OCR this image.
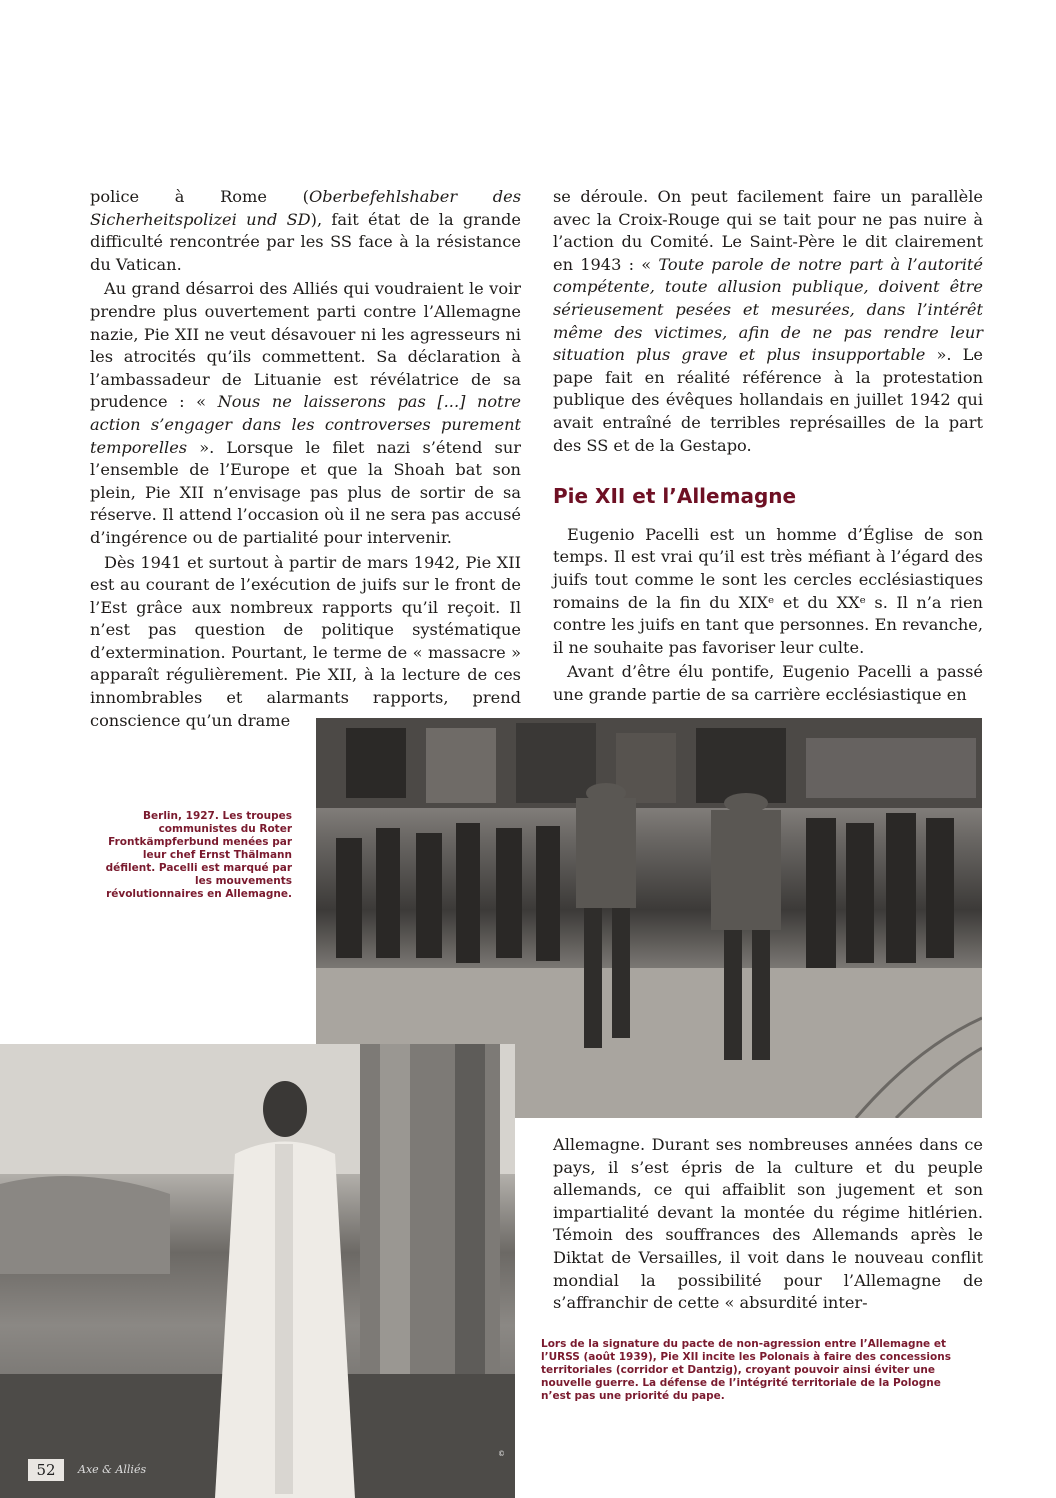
police à Rome (Oberbefehlshaber des Sicherheitspolizei und SD), fait état de la grande difficulté rencontrée par les SS face à la résistance du Vatican.

Au grand désarroi des Alliés qui voudraient le voir prendre plus ouvertement parti contre l’Allemagne nazie, Pie XII ne veut désavouer ni les agresseurs ni les atrocités qu’ils commettent. Sa déclaration à l’ambassadeur de Lituanie est révélatrice de sa prudence : « Nous ne laisserons pas [...] notre action s’engager dans les controverses purement temporelles ». Lorsque le filet nazi s’étend sur l’ensemble de l’Europe et que la Shoah bat son plein, Pie XII n’envisage pas plus de sortir de sa réserve. Il attend l’occasion où il ne sera pas accusé d’ingérence ou de partialité pour intervenir.

Dès 1941 et surtout à partir de mars 1942, Pie XII est au courant de l’exécution de juifs sur le front de l’Est grâce aux nombreux rapports qu’il reçoit. Il n’est pas question de politique systématique d’extermination. Pourtant, le terme de « massacre » apparaît régulièrement. Pie XII, à la lecture de ces innombrables et alarmants rapports, prend conscience qu’un drame

se déroule. On peut facilement faire un parallèle avec la Croix-Rouge qui se tait pour ne pas nuire à l’action du Comité. Le Saint-Père le dit clairement en 1943 : « Toute parole de notre part à l’autorité compétente, toute allusion publique, doivent être sérieusement pesées et mesurées, dans l’intérêt même des victimes, afin de ne pas rendre leur situation plus grave et plus insupportable ». Le pape fait en réalité référence à la protestation publique des évêques hollandais en juillet 1942 qui avait entraîné de terribles représailles de la part des SS et de la Gestapo.

Pie XII et l’Allemagne

Eugenio Pacelli est un homme d’Église de son temps. Il est vrai qu’il est très méfiant à l’égard des juifs tout comme le sont les cercles ecclésiastiques romains de la fin du XIXᵉ et du XXᵉ s. Il n’a rien contre les juifs en tant que personnes. En revanche, il ne souhaite pas favoriser leur culte.

Avant d’être élu pontife, Eugenio Pacelli a passé une grande partie de sa carrière ecclésiastique en

Berlin, 1927. Les troupes communistes du Roter Frontkämpferbund menées par leur chef Ernst Thälmann défilent. Pacelli est marqué par les mouvements révolutionnaires en Allemagne.
©

Allemagne. Durant ses nombreuses années dans ce pays, il s’est épris de la culture et du peuple allemands, ce qui affaiblit son jugement et son impartialité devant la montée du régime hitlérien. Témoin des souffrances des Allemands après le Diktat de Versailles, il voit dans le nouveau conflit mondial la possibilité pour l’Allemagne de s’affranchir de cette « absurdité inter-

Lors de la signature du pacte de non-agression entre l’Allemagne et l’URSS (août 1939), Pie XII incite les Polonais à faire des concessions territoriales (corridor et Dantzig), croyant pouvoir ainsi éviter une nouvelle guerre. La défense de l’intégrité territoriale de la Pologne n’est pas une priorité du pape.
52	Axe & Alliés
